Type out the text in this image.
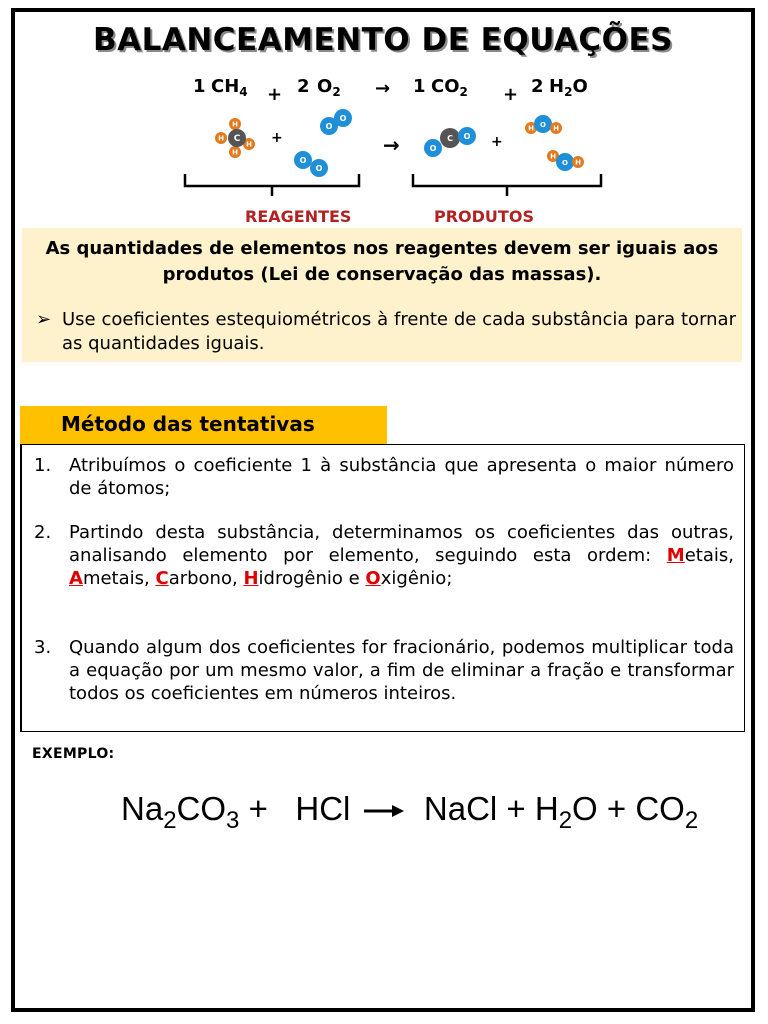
BALANCEAMENTO DE EQUAÇÕES
1 $CH_4 + 2$ $O_2 \to 1$ $CO_2 + 2$ $H_2O$
H
H
H
H
C +
O
O
O
O
→	O
C O +
H O H
H
O H
REAGENTES	PRODUTOS
As quantidades de elementos nos reagentes devem ser iguais aos produtos (Lei de conservação das massas).
➢ Use coeficientes estequiométricos à frente de cada substância para tornar as quantidades iguais.
Método das tentativas
1. Atribuímos o coeficiente 1 à substância que apresenta o maior número de átomos;
2. Partindo desta substância, determinamos os coeficientes das outras, analisando elemento por elemento, seguindo esta ordem: Metais, Ametais, Carbono, Hidrogênio e Oxigênio;
3. Quando algum dos coeficientes for fracionário, podemos multiplicar toda a equação por um mesmo valor, a fim de eliminar a fração e transformar todos os coeficientes em números inteiros.
EXEMPLO:
$Na_2CO_3$ + HCl → NaCl + $H_2O + CO_2$
